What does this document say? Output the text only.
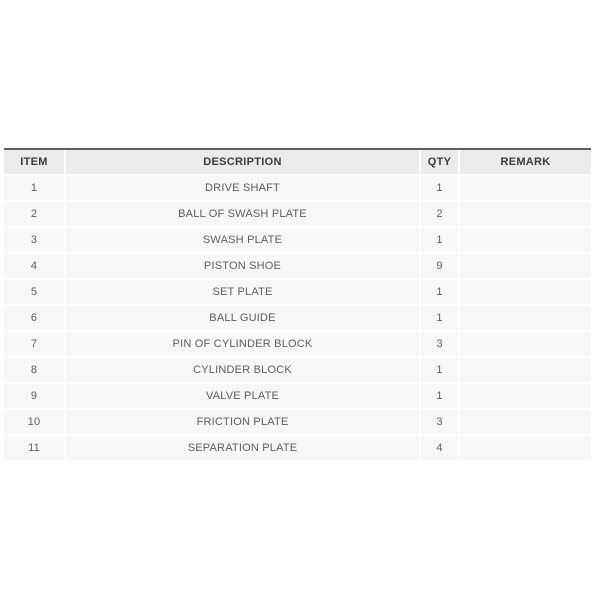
ITEM	DESCRIPTION	QTY	REMARK
1	DRIVE SHAFT	1	
2	BALL OF SWASH PLATE	2	
3	SWASH PLATE	1	
4	PISTON SHOE	9	
5	SET PLATE	1	
6	BALL GUIDE	1	
7	PIN OF CYLINDER BLOCK	3	
8	CYLINDER BLOCK	1	
9	VALVE PLATE	1	
10	FRICTION PLATE	3	
11	SEPARATION PLATE	4	
